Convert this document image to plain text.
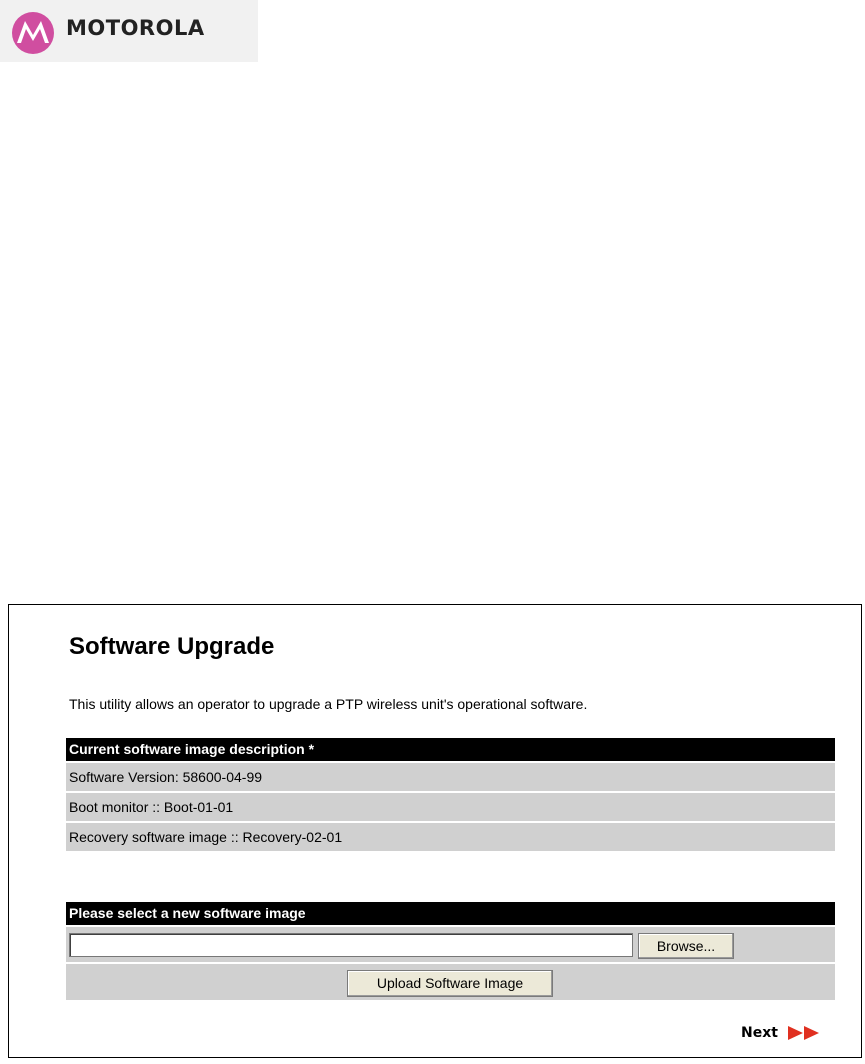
MOTOROLA
Software Upgrade
This utility allows an operator to upgrade a PTP wireless unit's operational software.
Current software image description *
Software Version: 58600-04-99
Boot monitor :: Boot-01-01
Recovery software image :: Recovery-02-01
Please select a new software image
Browse...
Upload Software Image
Next
